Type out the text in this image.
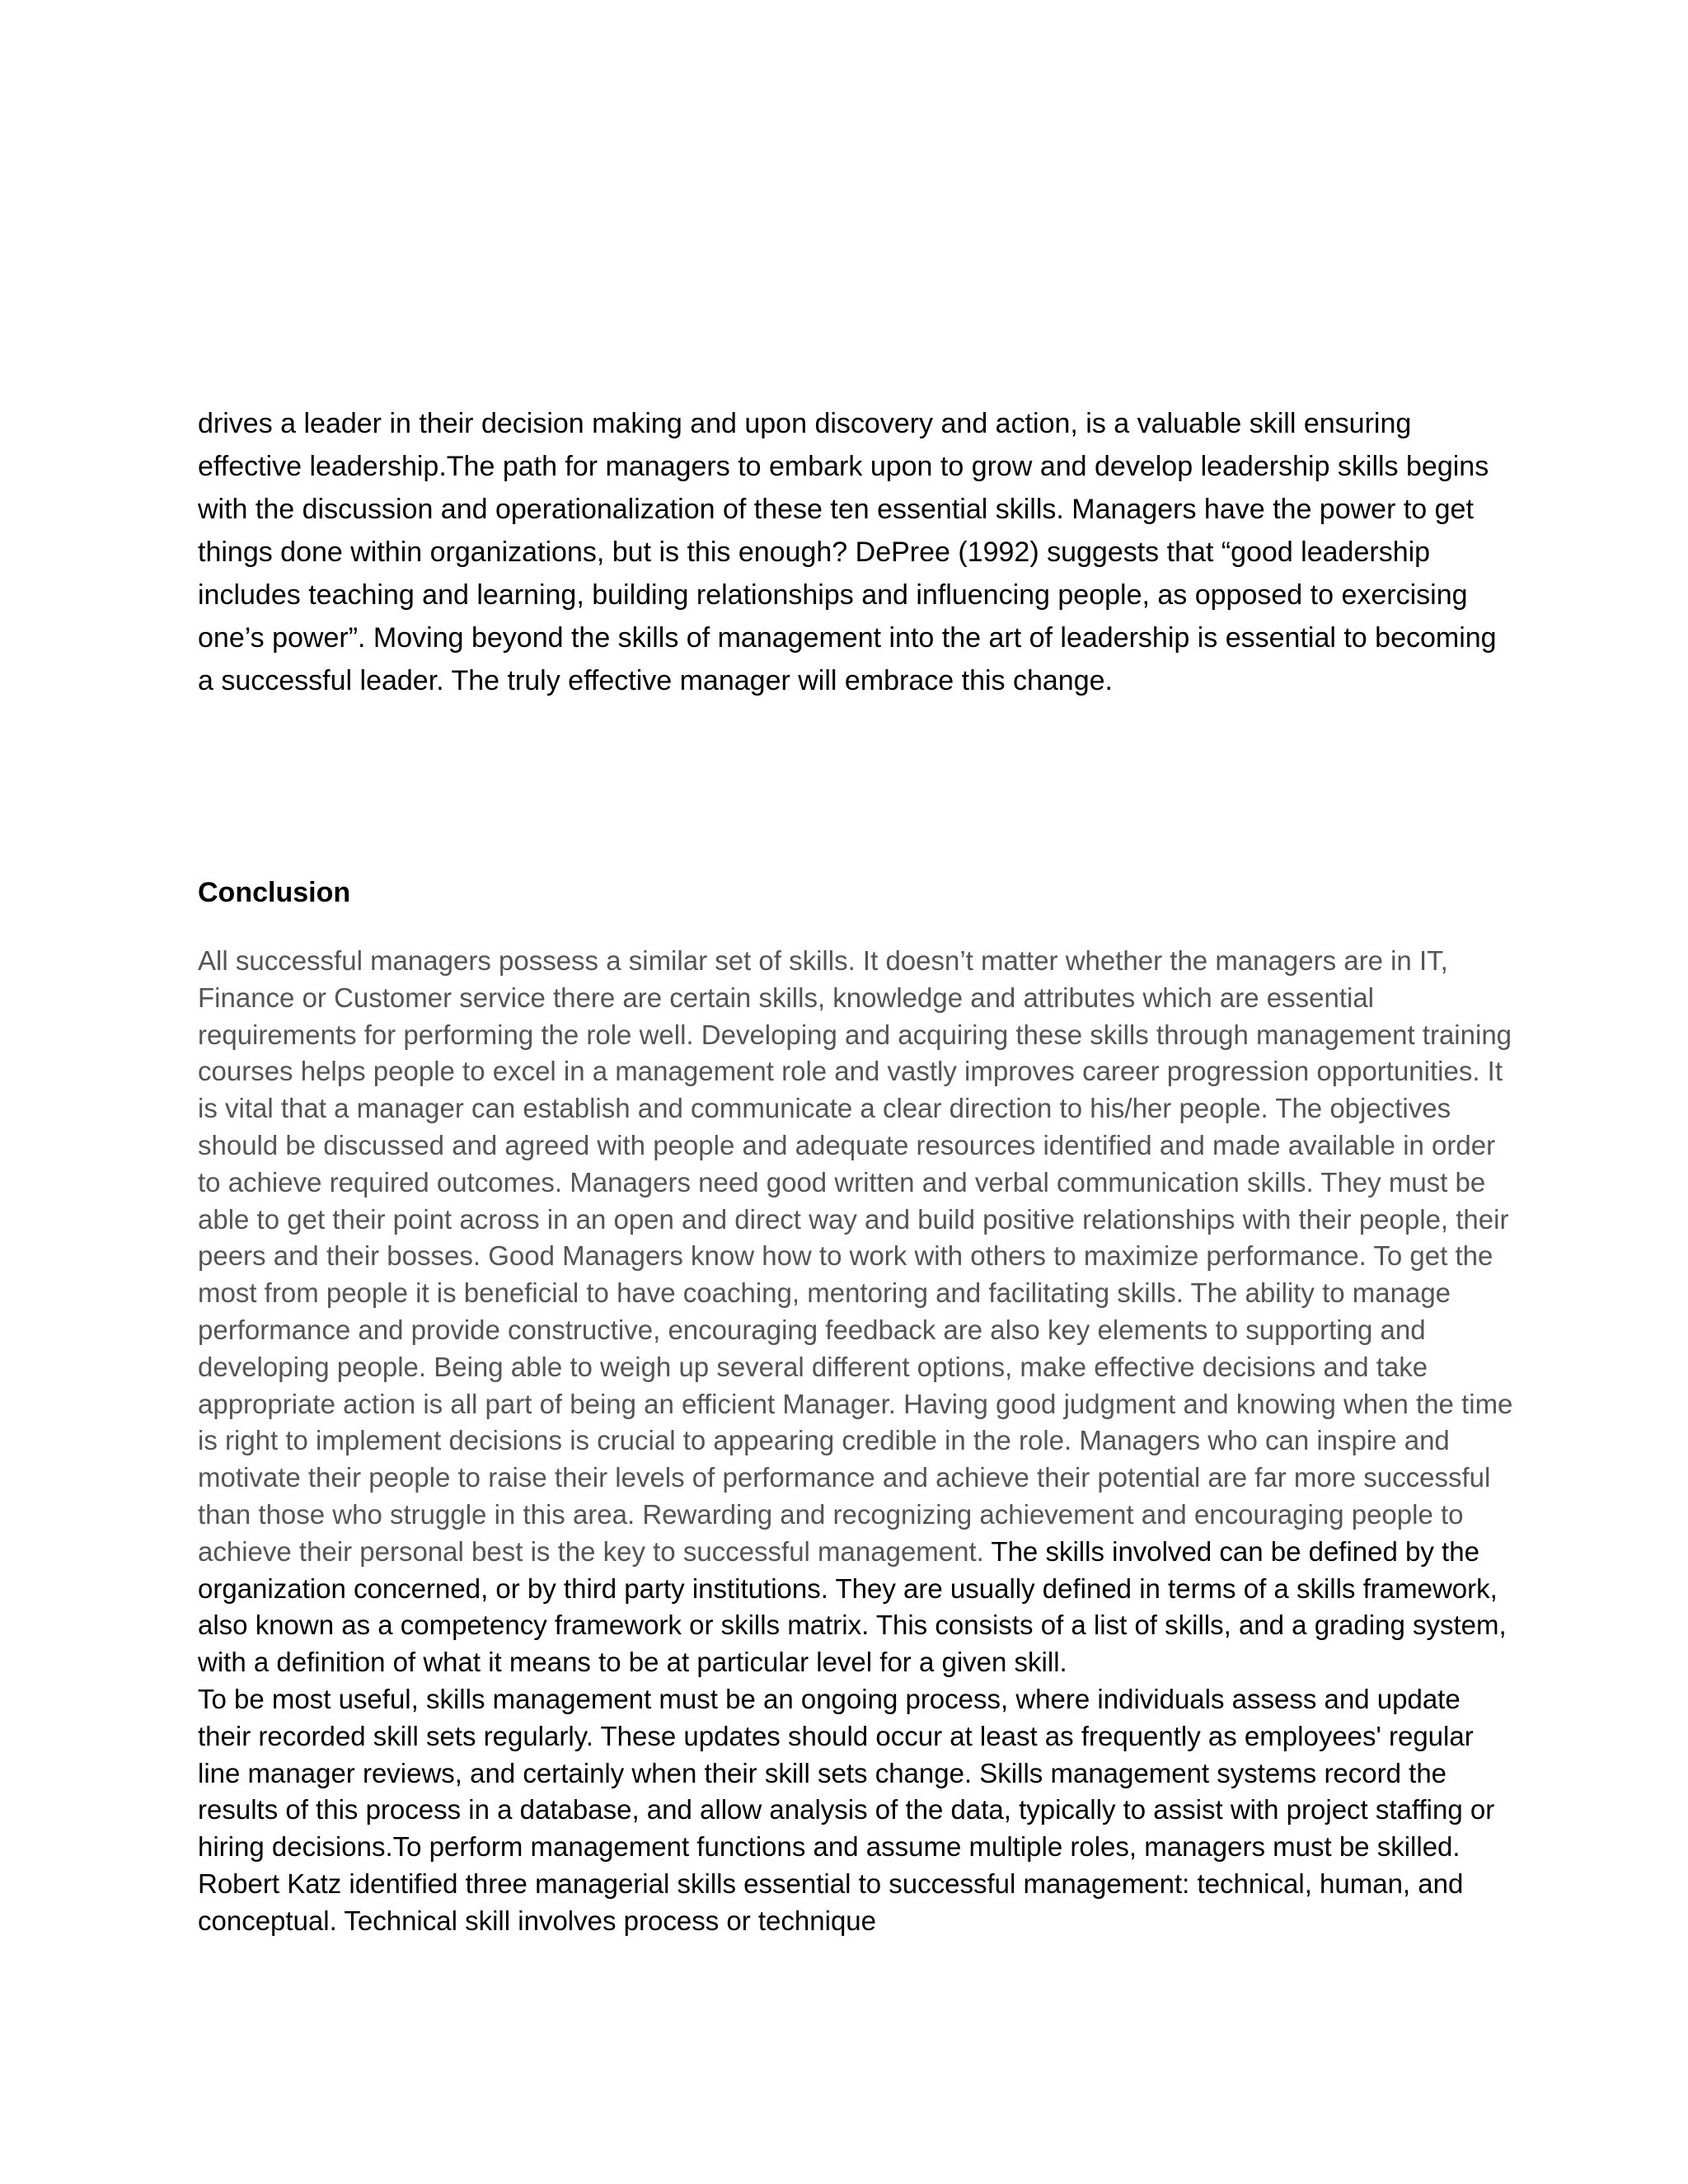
drives a leader in their decision making and upon discovery and action, is a valuable skill ensuring effective leadership.The path for managers to embark upon to grow and develop leadership skills begins with the discussion and operationalization of these ten essential skills. Managers have the power to get things done within organizations, but is this enough? DePree (1992) suggests that “good leadership includes teaching and learning, building relationships and influencing people, as opposed to exercising one’s power”. Moving beyond the skills of management into the art of leadership is essential to becoming a successful leader. The truly effective manager will embrace this change.

Conclusion

All successful managers possess a similar set of skills. It doesn’t matter whether the managers are in IT, Finance or Customer service there are certain skills, knowledge and attributes which are essential requirements for performing the role well. Developing and acquiring these skills through management training courses helps people to excel in a management role and vastly improves career progression opportunities. It is vital that a manager can establish and communicate a clear direction to his/her people. The objectives should be discussed and agreed with people and adequate resources identified and made available in order to achieve required outcomes. Managers need good written and verbal communication skills. They must be able to get their point across in an open and direct way and build positive relationships with their people, their peers and their bosses. Good Managers know how to work with others to maximize performance. To get the most from people it is beneficial to have coaching, mentoring and facilitating skills. The ability to manage performance and provide constructive, encouraging feedback are also key elements to supporting and developing people. Being able to weigh up several different options, make effective decisions and take appropriate action is all part of being an efficient Manager. Having good judgment and knowing when the time is right to implement decisions is crucial to appearing credible in the role. Managers who can inspire and motivate their people to raise their levels of performance and achieve their potential are far more successful than those who struggle in this area. Rewarding and recognizing achievement and encouraging people to achieve their personal best is the key to successful management. The skills involved can be defined by the organization concerned, or by third party institutions. They are usually defined in terms of a skills framework, also known as a competency framework or skills matrix. This consists of a list of skills, and a grading system, with a definition of what it means to be at particular level for a given skill.

To be most useful, skills management must be an ongoing process, where individuals assess and update their recorded skill sets regularly. These updates should occur at least as frequently as employees' regular line manager reviews, and certainly when their skill sets change. Skills management systems record the results of this process in a database, and allow analysis of the data, typically to assist with project staffing or hiring decisions.To perform management functions and assume multiple roles, managers must be skilled. Robert Katz identified three managerial skills essential to successful management: technical, human, and conceptual. Technical skill involves process or technique
